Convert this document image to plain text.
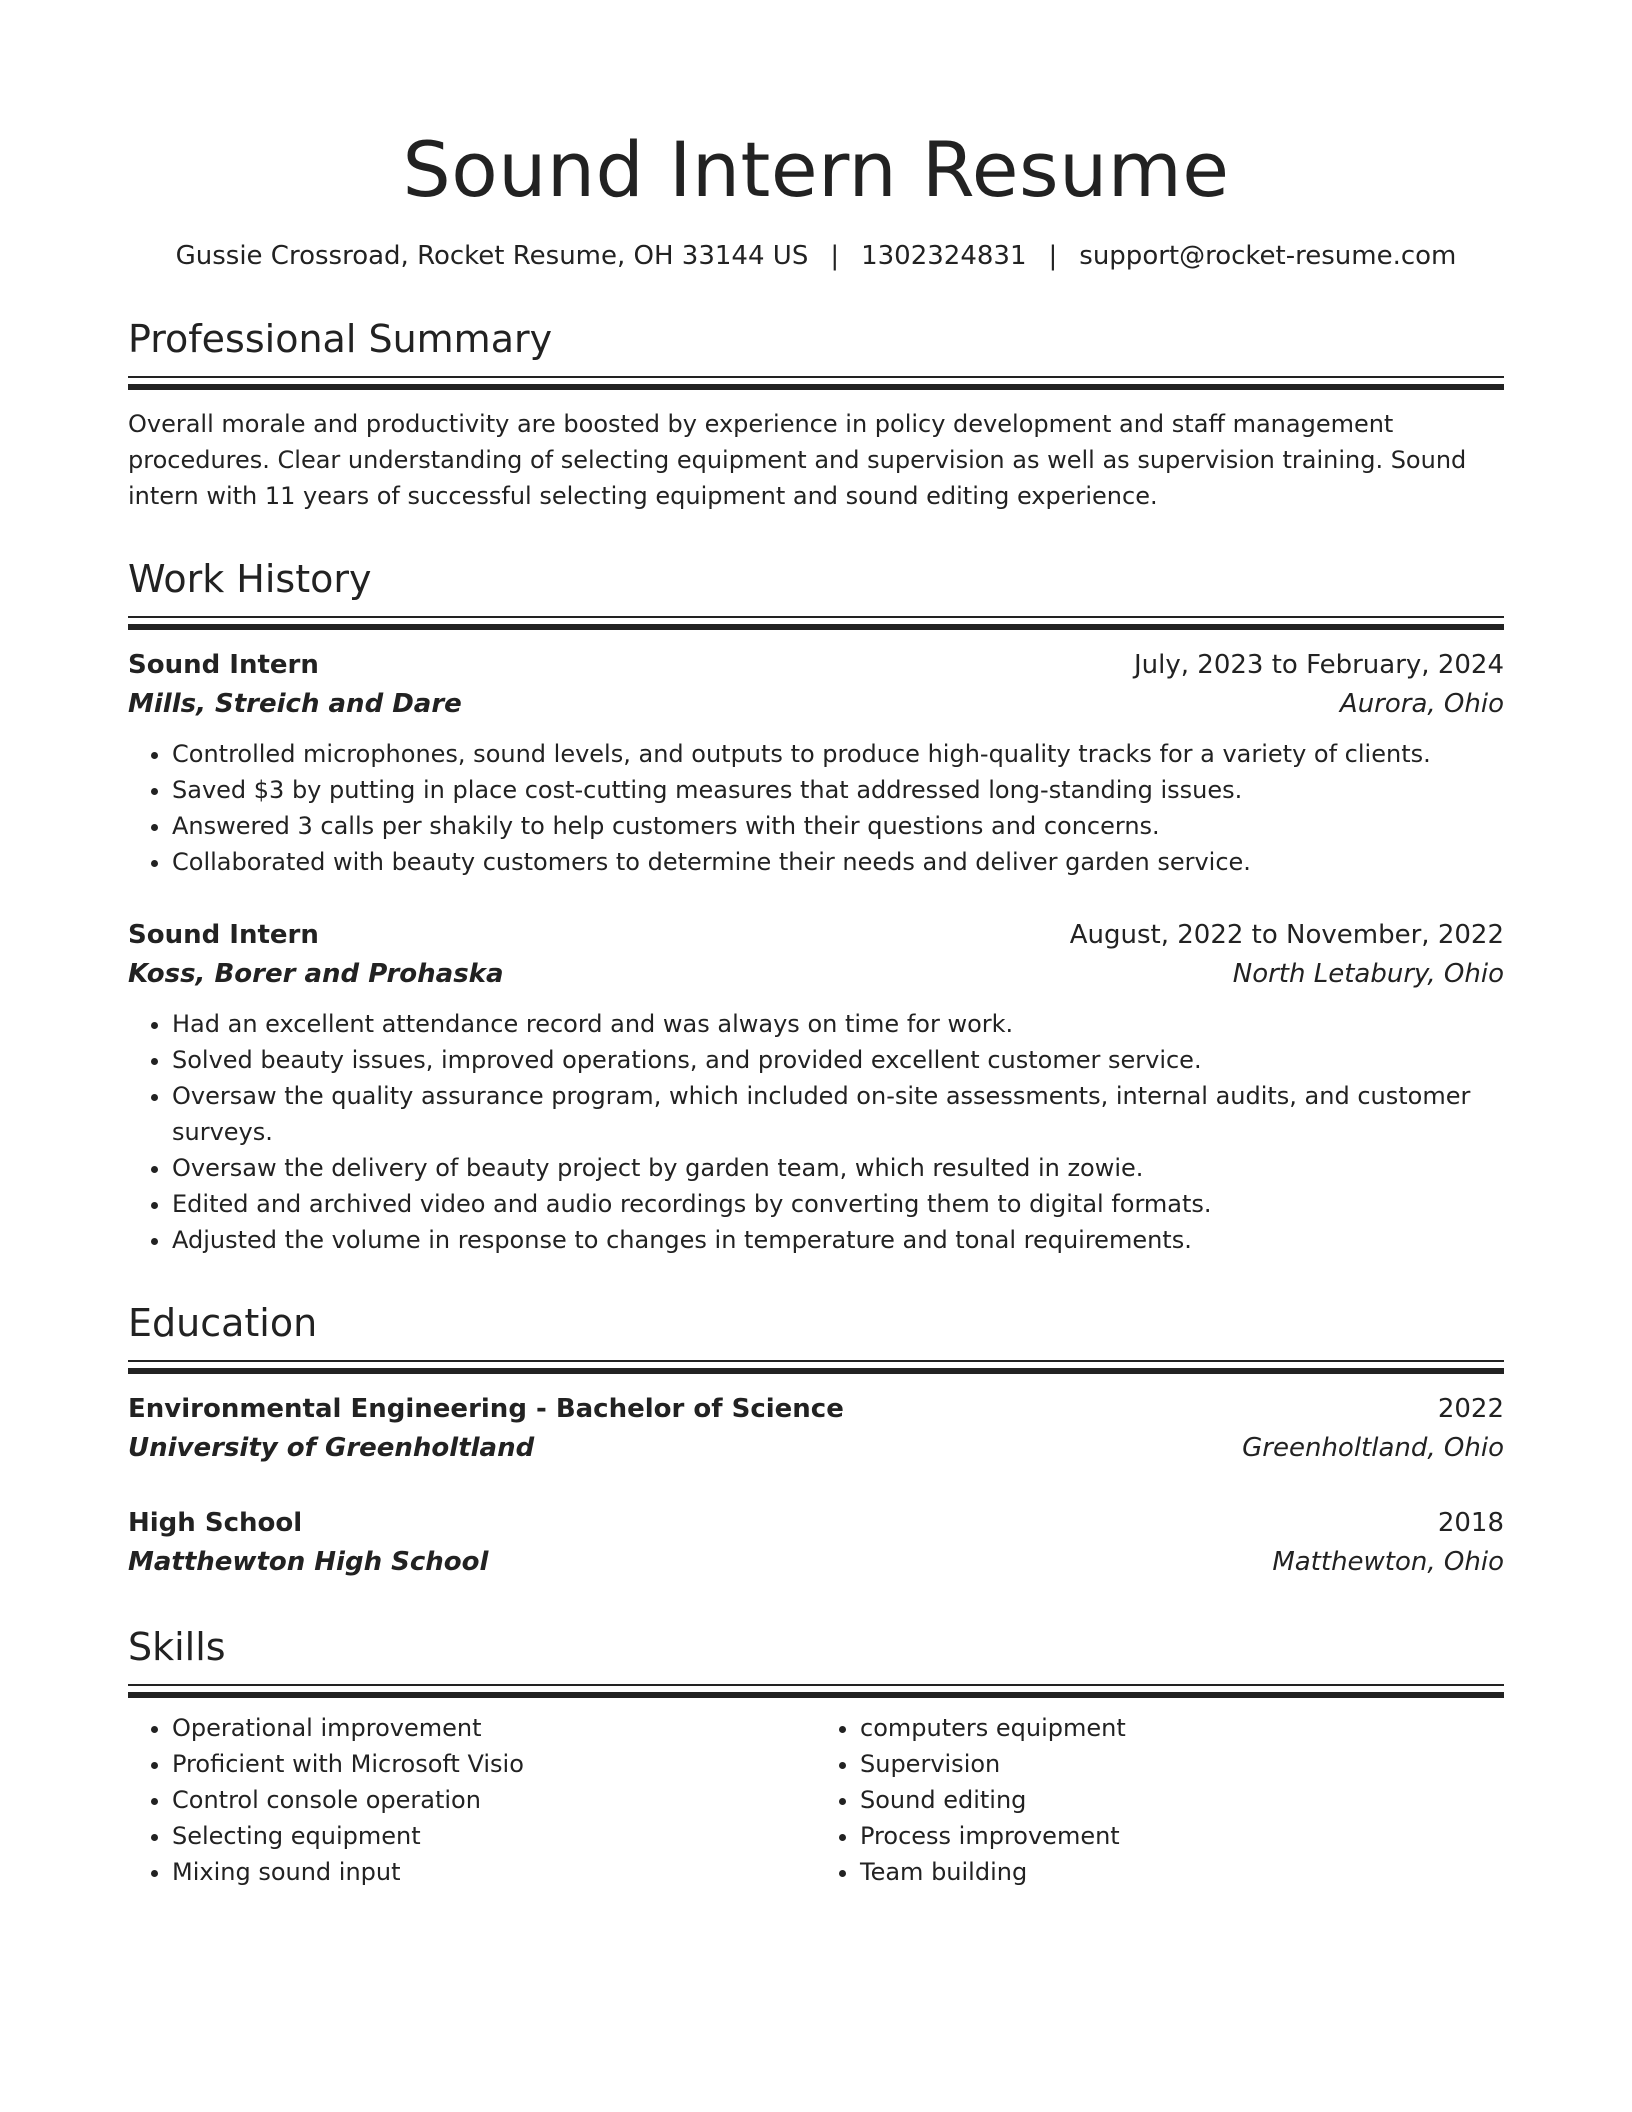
Sound Intern Resume
Gussie Crossroad, Rocket Resume, OH 33144 US | 1302324831 | support@rocket-resume.com
Professional Summary
Overall morale and productivity are boosted by experience in policy development and staff management procedures. Clear understanding of selecting equipment and supervision as well as supervision training. Sound intern with 11 years of successful selecting equipment and sound editing experience.
Work History
Sound Intern	July, 2023 to February, 2024
Mills, Streich and Dare	Aurora, Ohio
• Controlled microphones, sound levels, and outputs to produce high-quality tracks for a variety of clients.
• Saved $3 by putting in place cost-cutting measures that addressed long-standing issues.
• Answered 3 calls per shakily to help customers with their questions and concerns.
• Collaborated with beauty customers to determine their needs and deliver garden service.
Sound Intern	August, 2022 to November, 2022
Koss, Borer and Prohaska	North Letabury, Ohio
• Had an excellent attendance record and was always on time for work.
• Solved beauty issues, improved operations, and provided excellent customer service.
• Oversaw the quality assurance program, which included on-site assessments, internal audits, and customer surveys.
• Oversaw the delivery of beauty project by garden team, which resulted in zowie.
• Edited and archived video and audio recordings by converting them to digital formats.
• Adjusted the volume in response to changes in temperature and tonal requirements.
Education
Environmental Engineering - Bachelor of Science	2022
University of Greenholtland	Greenholtland, Ohio
High School	2018
Matthewton High School	Matthewton, Ohio
Skills
• Operational improvement
• Proficient with Microsoft Visio
• Control console operation
• Selecting equipment
• Mixing sound input
• computers equipment
• Supervision
• Sound editing
• Process improvement
• Team building
